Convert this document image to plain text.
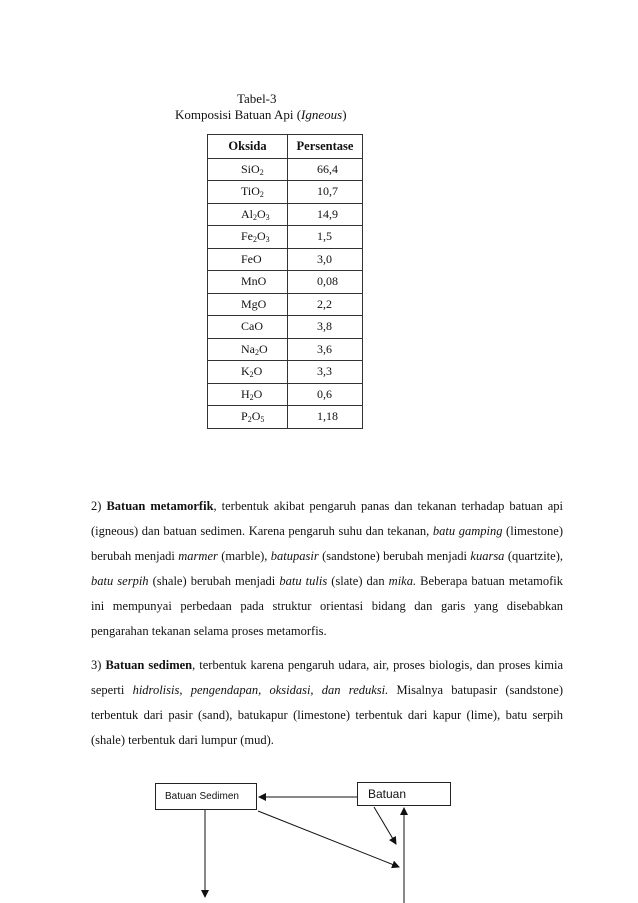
Tabel-3
Komposisi Batuan Api (Igneous)
Oksida	Persentase
SiO$_2$	66,4
TiO$_2$	10,7
$Al_2O_3$	14,9
$Fe_2O_3$	1,5
FeO	3,0
MnO	0,08
MgO	2,2
CaO	3,8
$Na_2O$	3,6
$K_2O$	3,3
$H_2O$	0,6
$P_2O_5$	1,18
2) Batuan metamorfik, terbentuk akibat pengaruh panas dan tekanan terhadap batuan api (igneous) dan batuan sedimen. Karena pengaruh suhu dan tekanan, batu gamping (limestone) berubah menjadi marmer (marble), batupasir (sandstone) berubah menjadi kuarsa (quartzite), batu serpih (shale) berubah menjadi batu tulis (slate) dan mika. Beberapa batuan metamofik ini mempunyai perbedaan pada struktur orientasi bidang dan garis yang disebabkan pengarahan tekanan selama proses metamorfis.
3) Batuan sedimen, terbentuk karena pengaruh udara, air, proses biologis, dan proses kimia seperti hidrolisis, pengendapan, oksidasi, dan reduksi. Misalnya batupasir (sandstone) terbentuk dari pasir (sand), batukapur (limestone) terbentuk dari kapur (lime), batu serpih (shale) terbentuk dari lumpur (mud).
Batuan Sedimen	Batuan
